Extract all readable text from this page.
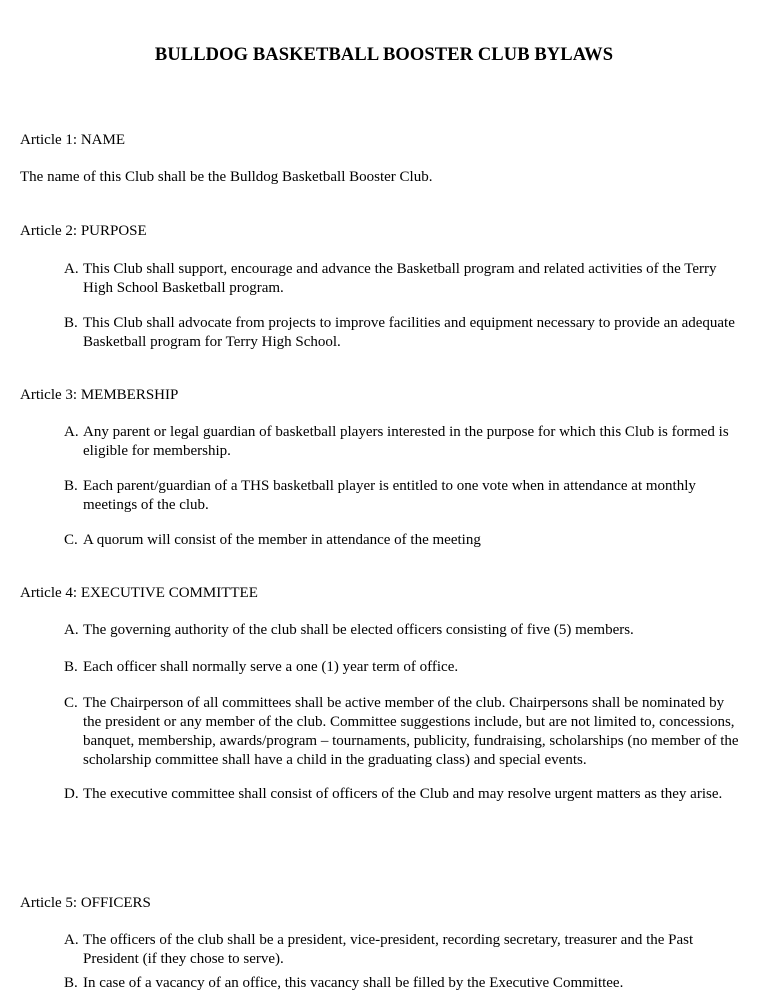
BULLDOG BASKETBALL BOOSTER CLUB BYLAWS
Article 1: NAME
The name of this Club shall be the Bulldog Basketball Booster Club.
Article 2: PURPOSE
A. This Club shall support, encourage and advance the Basketball program and related activities of the Terry High School Basketball program.
B. This Club shall advocate from projects to improve facilities and equipment necessary to provide an adequate Basketball program for Terry High School.
Article 3: MEMBERSHIP
A. Any parent or legal guardian of basketball players interested in the purpose for which this Club is formed is eligible for membership.
B. Each parent/guardian of a THS basketball player is entitled to one vote when in attendance at monthly meetings of the club.
C. A quorum will consist of the member in attendance of the meeting
Article 4: EXECUTIVE COMMITTEE
A. The governing authority of the club shall be elected officers consisting of five (5) members.
B. Each officer shall normally serve a one (1) year term of office.
C. The Chairperson of all committees shall be active member of the club. Chairpersons shall be nominated by the president or any member of the club. Committee suggestions include, but are not limited to, concessions, banquet, membership, awards/program – tournaments, publicity, fundraising, scholarships (no member of the scholarship committee shall have a child in the graduating class) and special events.
D. The executive committee shall consist of officers of the Club and may resolve urgent matters as they arise.
Article 5: OFFICERS
A. The officers of the club shall be a president, vice-president, recording secretary, treasurer and the Past President (if they chose to serve).
B. In case of a vacancy of an office, this vacancy shall be filled by the Executive Committee.
